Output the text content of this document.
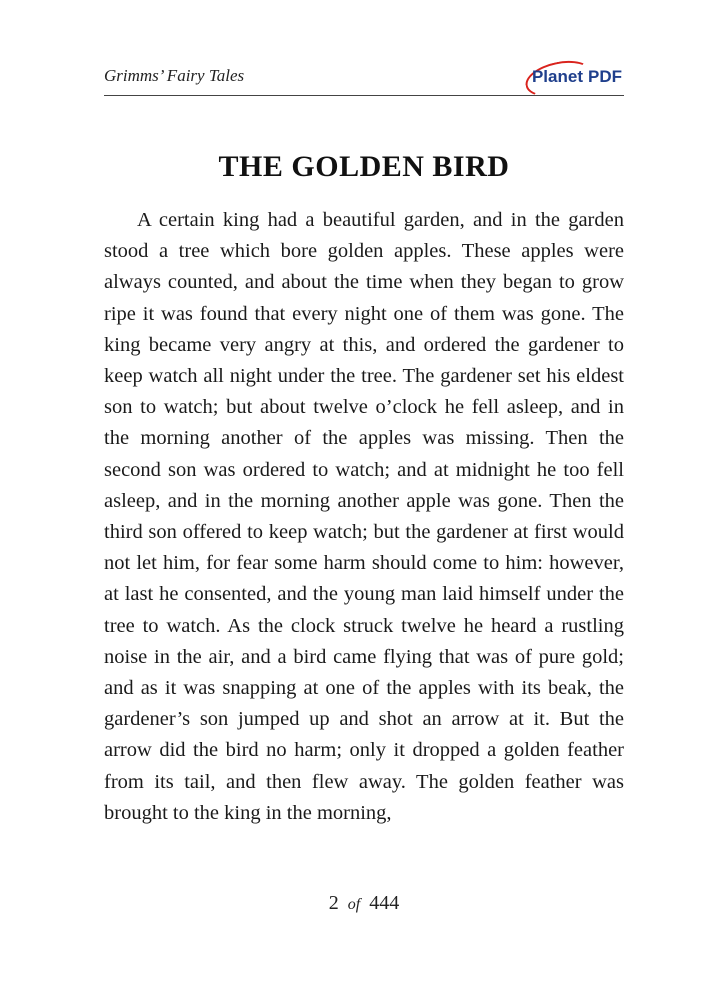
Grimms’ Fairy Tales	Planet PDF
THE GOLDEN BIRD

A certain king had a beautiful garden, and in the garden stood a tree which bore golden apples. These apples were always counted, and about the time when they began to grow ripe it was found that every night one of them was gone. The king became very angry at this, and ordered the gardener to keep watch all night under the tree. The gardener set his eldest son to watch; but about twelve o’clock he fell asleep, and in the morning another of the apples was missing. Then the second son was ordered to watch; and at midnight he too fell asleep, and in the morning another apple was gone. Then the third son offered to keep watch; but the gardener at first would not let him, for fear some harm should come to him: however, at last he consented, and the young man laid himself under the tree to watch. As the clock struck twelve he heard a rustling noise in the air, and a bird came flying that was of pure gold; and as it was snapping at one of the apples with its beak, the gardener’s son jumped up and shot an arrow at it. But the arrow did the bird no harm; only it dropped a golden feather from its tail, and then flew away. The golden feather was brought to the king in the morning,

2 of 444
